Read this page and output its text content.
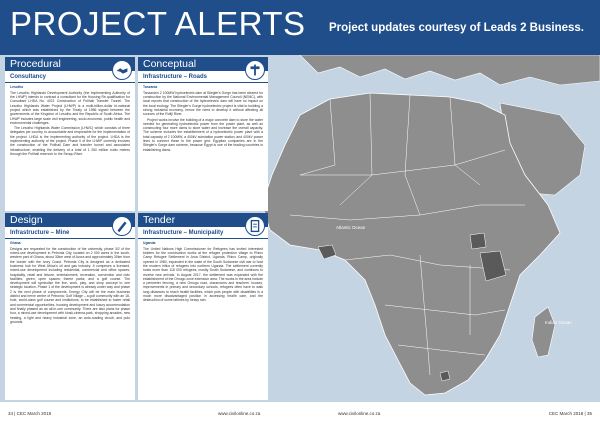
PROJECT ALERTS Project updates courtesy of Leads 2 Business.
Atlantic Ocean
Indian Ocean
Procedural
Consultancy
Lesotho

The Lesotho Highlands Development Authority (the implementing Authority of the LHWP) intends to contract a consultant for the Housing Re-qualification for Consultant LHDA No. 4021 Construction of Polihali Transfer Tunnel. The Lesotho Highlands Water Project (LHWP) is a multi-billion-dollar bi-national project which was established by the Treaty of 1986 signed between the governments of the Kingdom of Lesotho and the Republic of South Africa. The LHWP includes large scale civil engineering, socio-economic, public health and environmental challenges.

The Lesotho Highlands Water Commission (LHWC) which consists of three delegates per country, to accountable and responsible for the implementation of the project. LHDA is the implementing authority of the project. LHDA is the implementing authority of the project. Phase II of the LHWP currently involves the construction of the Polihali Dam and transfer tunnel and associated infrastructure, enabling the delivery of a total of 1 260 million cubic metres through the Polihali reservoir to the Senqu River.

Conceptual
Infrastructure – Roads
Tanzania

Tanzania's 2 100MW hydroelectric dam at Stiegler's Gorge has been cleared for construction by the National Environmental Management Council (NEMC), with local reports that construction of the hydroelectric dam will have no impact on the local ecology. The Stiegler's Gorge hydroelectric project is vital to building a strong industrial economy, hence the need to develop it without affecting all sources of the Rufiji River.

Project works involve the building of a major concrete dam to store the water needed for generating hydroelectric power from the power plant, as well as constructing four more dams to store water and increase the overall capacity. The scheme includes the establishment of a hydroelectric power plant with a total capacity of 2 100MW, a 400kV substation power station, and 400kV power lines to connect these to the power grid. Egyptian companies are in the Stiegler's Gorge dam scheme, because Egypt is one of the leading countries in establishing dams.

Design
Infrastructure – Mine
Ghana

Designs are requested for the construction of the university, phase 3/2 of the mixed-use development in Petronia City, located on 2 000 acres in the south-western part of Ghana, about 30km west of Accra and approximately 30km from the border with the Ivory Coast. Petronia City is designed as a dedicated business hub for West Africa's oil and gas industry. It comprises a licensed, mixed-use development including residential, commercial and office spaces; hospitality, retail and leisure, entertainment, recreation, convention and civic facilities; green, open spaces; theme parks; and a golf course. The development will symbolise the live, work, play, and shop concept to one strategic location. Phase 1 of the development is already under way and phase 2 is the next phase of components. Energy City will be the main business district and nerve centre of Petronia; Golf Village – a golf community with an 18-hole, world-class golf course and institutions; to be established to foster retail and commercial opportunities, housing development and luxury accommodation and finally phased as an all-in-one community. There are also plans for phase four, a mixed-use development with kiosk-cinema-park, shopping arcades, new heating, a light and heavy industrial zone, an auto-roading circuit, and polo grounds.

Tender
Infrastructure – Municipality
Uganda

The United Nations High Commissioner for Refugees has invited interested bidders for the construction works at the refugee protection village to Rhino Camp Refugee Settlement in Arua District, Uganda. Rhino Camp, originally opened in 1980, expanded in the wake of the South Sudanese civil war to host the modern influx of refugees into northern Uganda. The settlement currently hosts more than 118 000 refugees, mostly South Sudanese, and continues to receive new arrivals. In August 2017, the settlement was expanded with the establishment of the Omugo zone extension area. The works in the area include a perimeter fencing, a new Omugo road, classrooms and teachers' houses, improvements in primary and secondary schools, refugees often have to walk long distances to reach health facilities, which puts people with disabilities in a much more disadvantaged position in accessing health care, and the destruction of some latrines by heavy rain.

34 | CEC March 2018	www.civilonline.co.za	www.civilonline.co.za	CEC March 2018 | 35
